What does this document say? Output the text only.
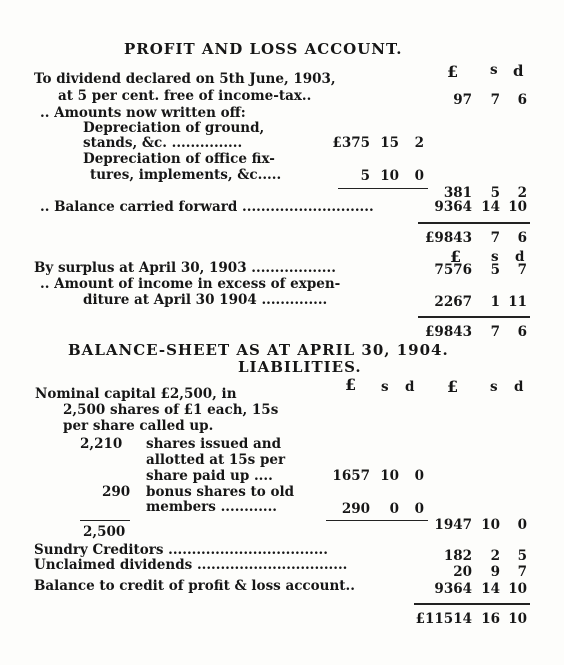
PROFIT AND LOSS ACCOUNT.
£ s d
To dividend declared on 5th June, 1903,
at 5 per cent. free of income-tax..	97	7	6
.. Amounts now written off:
Depreciation of ground,
stands, &c. ...............	£375 15	2
Depreciation of office fix-
tures, implements, &c.....	5 10	0
381	5	2
.. Balance carried forward ............................	9364 14 10
£9843	7	6
£ s d
By surplus at April 30, 1903 ..................	7576	5	7
.. Amount of income in excess of expen-
diture at April 30 1904 ..............	2267	1 11
£9843	7	6
BALANCE-SHEET AS AT APRIL 30, 1904.
LIABILITIES.
£ s d £ s d
Nominal capital £2,500, in
2,500 shares of £1 each, 15s
per share called up.
2,210 shares issued and
allotted at 15s per
share paid up ....	1657 10	0
290 bonus shares to old
members ............	290	0	0
2,500	1947 10	0
Sundry Creditors ..................................	182	2	5
Unclaimed dividends ................................	20	9	7
Balance to credit of profit & loss account..	9364 14 10
£11514 16 10
